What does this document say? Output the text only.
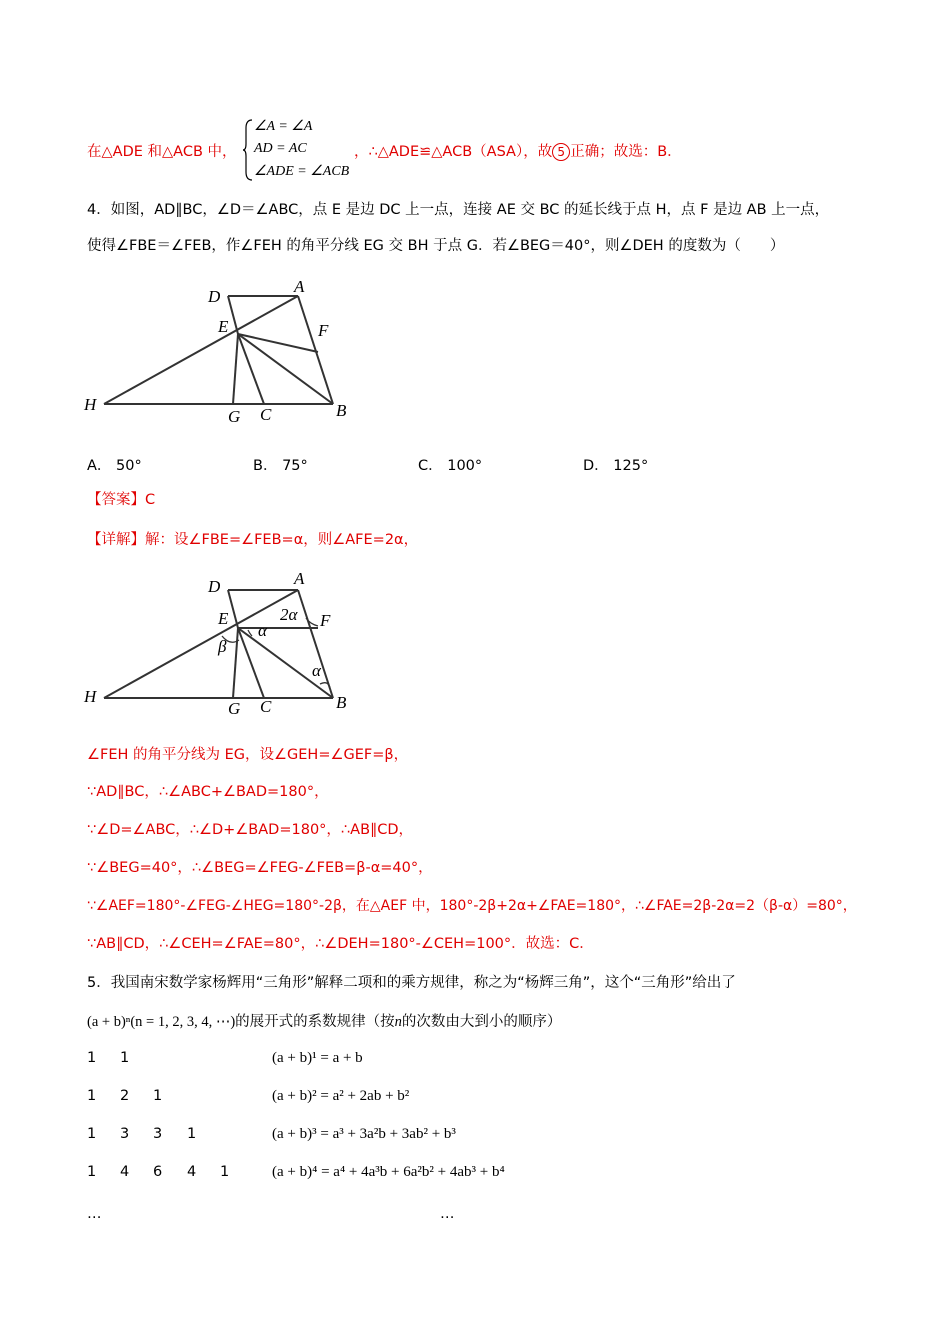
在△ADE 和△ACB 中，
∠A = ∠A
AD = AC
∠ADE = ∠ACB
，∴△ADE≌△ACB（ASA），故 5 正确；故选：B．
4．如图，AD∥BC，∠D＝∠ABC，点 E 是边 DC 上一点，连接 AE 交 BC 的延长线于点 H，点 F 是边 AB 上一点，
使得∠FBE＝∠FEB，作∠FEH 的角平分线 EG 交 BH 于点 G．若∠BEG＝40°，则∠DEH 的度数为（　　）
D
A
E	F
H
G C	B
A． 50°	B． 75°	C． 100°	D． 125°
【答案】C
【详解】解：设∠FBE=∠FEB=α，则∠AFE=2α，
D	A
E	F
H
G C	B
2α
α
α
β
∠FEH 的角平分线为 EG，设∠GEH=∠GEF=β，
∵AD∥BC，∴∠ABC+∠BAD=180°，
∵∠D=∠ABC，∴∠D+∠BAD=180°，∴AB∥CD，
∵∠BEG=40°，∴∠BEG=∠FEG-∠FEB=β-α=40°，
∵∠AEF=180°-∠FEG-∠HEG=180°-2β，在△AEF 中，180°-2β+2α+∠FAE=180°，∴∠FAE=2β-2α=2（β-α）=80°，
∵AB∥CD，∴∠CEH=∠FAE=80°，∴∠DEH=180°-∠CEH=100°．故选：C．
5．我国南宋数学家杨辉用“三角形”解释二项和的乘方规律，称之为“杨辉三角”，这个“三角形”给出了
(a + b)ⁿ(n = 1, 2, 3, 4, ⋯)的展开式的系数规律（按n的次数由大到小的顺序）
1 1	(a + b)¹ = a + b
1 2 1	(a + b)² = a² + 2ab + b²
1 3 3 1	(a + b)³ = a³ + 3a²b + 3ab² + b³
1 4 6 4 1	(a + b)⁴ = a⁴ + 4a³b + 6a²b² + 4ab³ + b⁴
…	…
